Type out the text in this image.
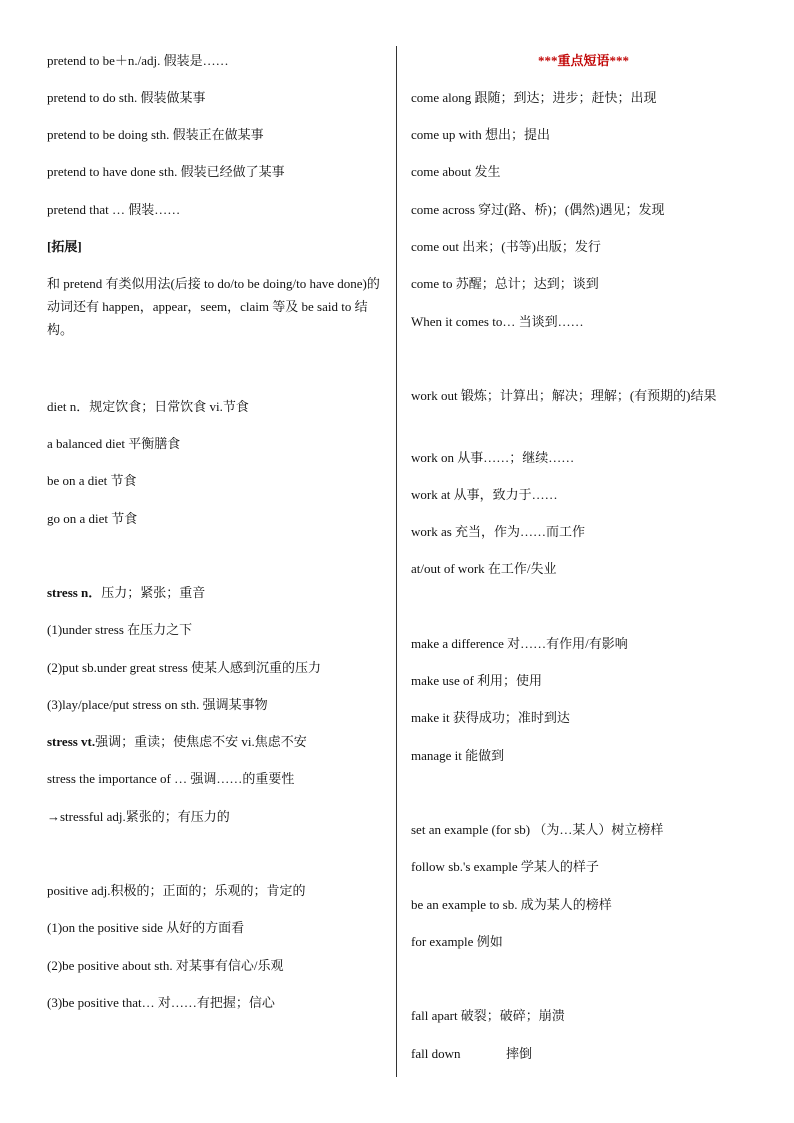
pretend to be＋n./adj. 假装是……
pretend to do sth. 假装做某事
pretend to be doing sth. 假装正在做某事
pretend to have done sth. 假装已经做了某事
pretend that … 假装……
[拓展]
和 pretend 有类似用法(后接 to do/to be doing/to have done)的动词还有 happen，appear，seem，claim 等及 be said to 结构。
diet n．规定饮食；日常饮食 vi.节食
a balanced diet 平衡膳食
be on a diet 节食
go on a diet 节食
stress n．压力；紧张；重音
(1)under stress 在压力之下
(2)put sb.under great stress 使某人感到沉重的压力
(3)lay/place/put stress on sth. 强调某事物
stress vt.强调；重读；使焦虑不安 vi.焦虑不安
stress the importance of … 强调……的重要性
→stressful adj.紧张的；有压力的
positive adj.积极的；正面的；乐观的；肯定的
(1)on the positive side 从好的方面看
(2)be positive about sth. 对某事有信心/乐观
(3)be positive that… 对……有把握；信心
***重点短语***
come along 跟随；到达；进步；赶快；出现
come up with 想出；提出
come about 发生
come across 穿过(路、桥)；(偶然)遇见；发现
come out 出来；(书等)出版；发行
come to 苏醒；总计；达到；谈到
When it comes to… 当谈到……
work out 锻炼；计算出；解决；理解；(有预期的)结果
work on 从事……；继续……
work at 从事，致力于……
work as 充当，作为……而工作
at/out of work 在工作/失业
make a difference 对……有作用/有影响
make use of 利用；使用
make it 获得成功；准时到达
manage it 能做到
set an example (for sb) （为…某人）树立榜样
follow sb.'s example 学某人的样子
be an example to sb. 成为某人的榜样
for example 例如
fall apart 破裂；破碎；崩溃
fall down              摔倒
